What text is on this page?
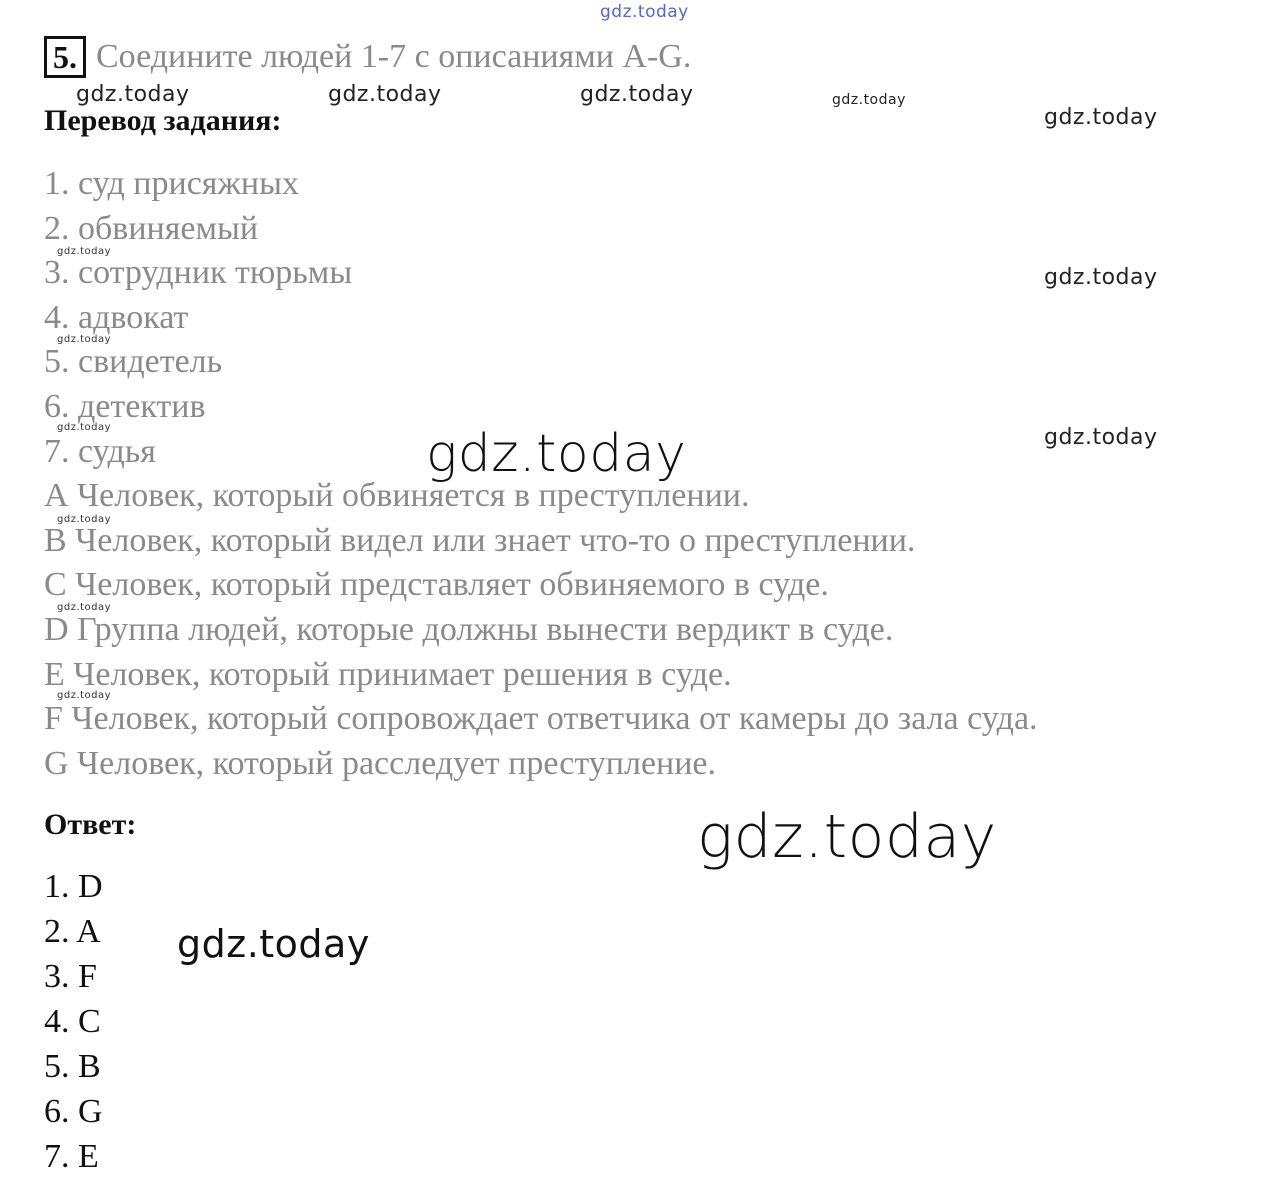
gdz.today
5. Соедините людей 1-7 с описаниями А-G.
gdz.today	gdz.today	gdz.today	gdz.today
gdz.today
Перевод задания:
1. суд присяжных
2. обвиняемый
3. сотрудник тюрьмы
4. адвокат
5. свидетель
6. детектив
7. судья
А Человек, который обвиняется в преступлении.
В Человек, который видел или знает что-то о преступлении.
С Человек, который представляет обвиняемого в суде.
D Группа людей, которые должны вынести вердикт в суде.
Е Человек, который принимает решения в суде.
F Человек, который сопровождает ответчика от камеры до зала суда.
G Человек, который расследует преступление.
gdz.today
gdz.today
gdz.today
gdz.today
gdz.today
gdz.today
gdz.today
gdz.today
gdz.today
Ответ:	gdz.today
1. D
2. A
3. F
4. C
5. B
6. G
7. E
gdz.today
